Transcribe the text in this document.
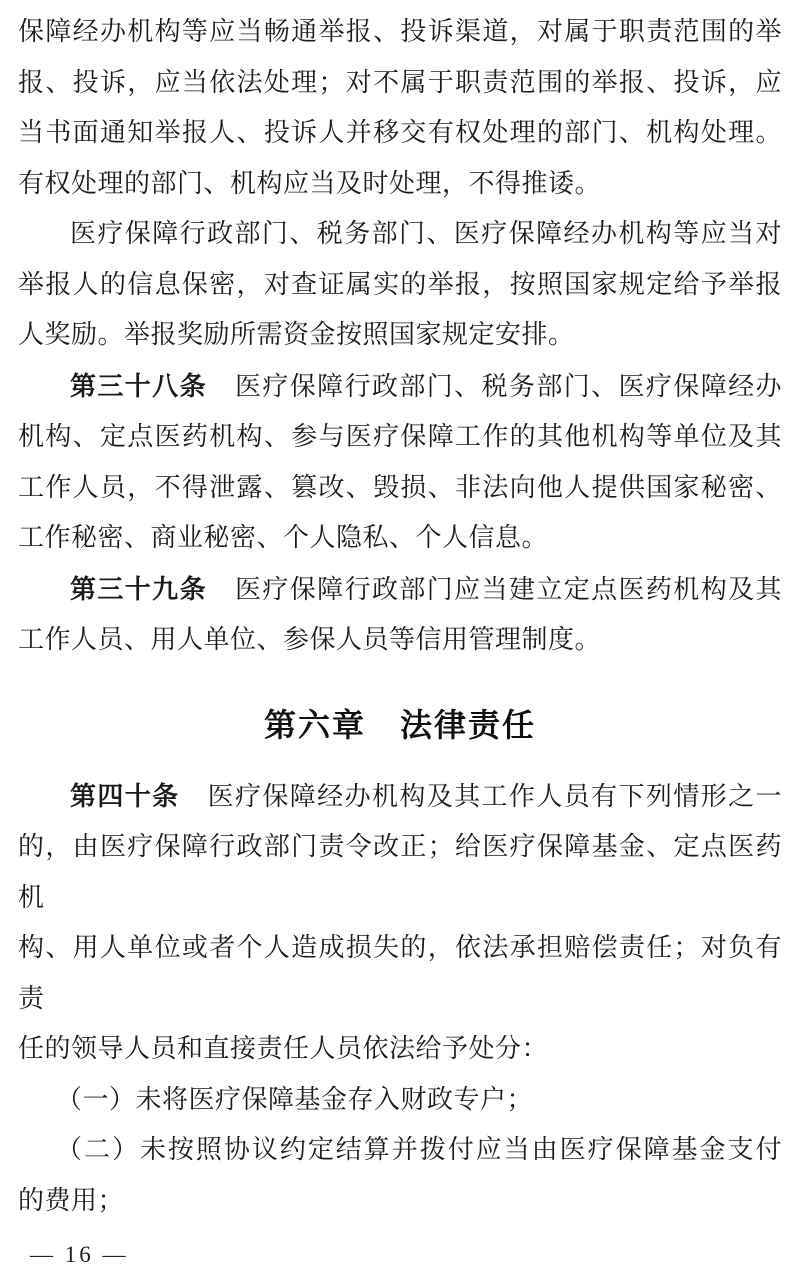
保障经办机构等应当畅通举报、投诉渠道，对属于职责范围的举
报、投诉，应当依法处理；对不属于职责范围的举报、投诉，应
当书面通知举报人、投诉人并移交有权处理的部门、机构处理。
有权处理的部门、机构应当及时处理，不得推诿。
医疗保障行政部门、税务部门、医疗保障经办机构等应当对
举报人的信息保密，对查证属实的举报，按照国家规定给予举报
人奖励。举报奖励所需资金按照国家规定安排。
第三十八条 医疗保障行政部门、税务部门、医疗保障经办
机构、定点医药机构、参与医疗保障工作的其他机构等单位及其
工作人员，不得泄露、篡改、毁损、非法向他人提供国家秘密、
工作秘密、商业秘密、个人隐私、个人信息。
第三十九条 医疗保障行政部门应当建立定点医药机构及其
工作人员、用人单位、参保人员等信用管理制度。
第六章　法律责任
第四十条 医疗保障经办机构及其工作人员有下列情形之一
的，由医疗保障行政部门责令改正；给医疗保障基金、定点医药机
构、用人单位或者个人造成损失的，依法承担赔偿责任；对负有责
任的领导人员和直接责任人员依法给予处分：
（一）未将医疗保障基金存入财政专户；
（二）未按照协议约定结算并拨付应当由医疗保障基金支付
的费用；
— 16 —
